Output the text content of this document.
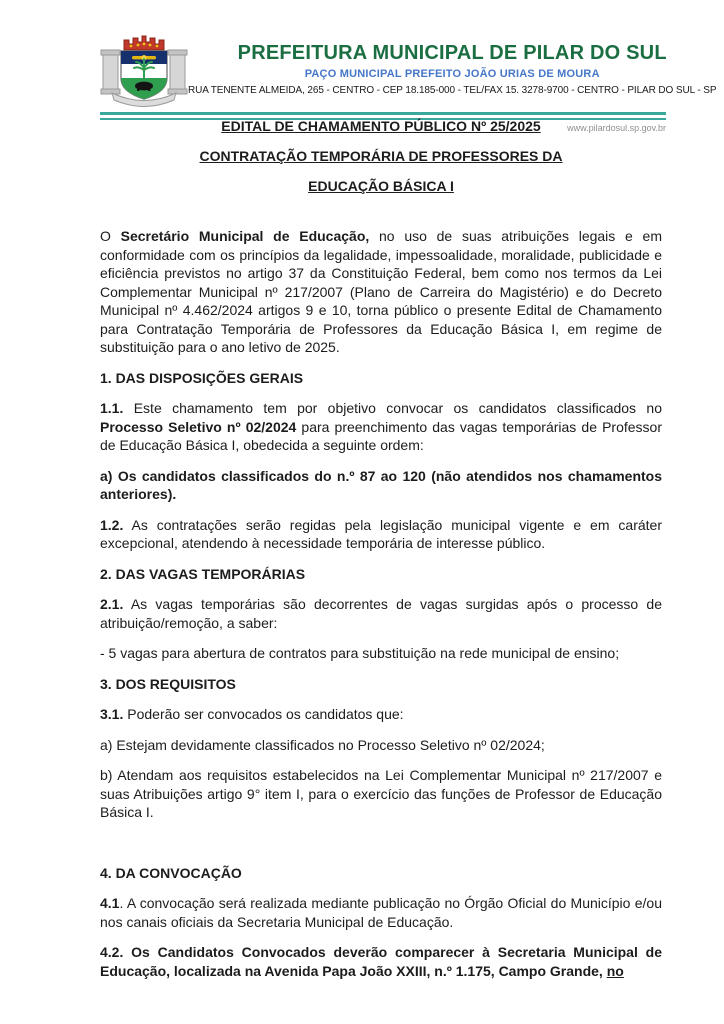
PREFEITURA MUNICIPAL DE PILAR DO SUL
PAÇO MUNICIPAL PREFEITO JOÃO URIAS DE MOURA
RUA TENENTE ALMEIDA, 265 - CENTRO - CEP 18.185-000 - TEL/FAX 15. 3278-9700 - CENTRO - PILAR DO SUL - SP
www.pilardosul.sp.gov.br
EDITAL DE CHAMAMENTO PÚBLICO Nº 25/2025
CONTRATAÇÃO TEMPORÁRIA DE PROFESSORES DA
EDUCAÇÃO BÁSICA I

O Secretário Municipal de Educação, no uso de suas atribuições legais e em conformidade com os princípios da legalidade, impessoalidade, moralidade, publicidade e eficiência previstos no artigo 37 da Constituição Federal, bem como nos termos da Lei Complementar Municipal nº 217/2007 (Plano de Carreira do Magistério) e do Decreto Municipal nº 4.462/2024 artigos 9 e 10, torna público o presente Edital de Chamamento para Contratação Temporária de Professores da Educação Básica I, em regime de substituição para o ano letivo de 2025.

1. DAS DISPOSIÇÕES GERAIS

1.1. Este chamamento tem por objetivo convocar os candidatos classificados no Processo Seletivo nº 02/2024 para preenchimento das vagas temporárias de Professor de Educação Básica I, obedecida a seguinte ordem:

a) Os candidatos classificados do n.º 87 ao 120 (não atendidos nos chamamentos anteriores).

1.2. As contratações serão regidas pela legislação municipal vigente e em caráter excepcional, atendendo à necessidade temporária de interesse público.

2. DAS VAGAS TEMPORÁRIAS

2.1. As vagas temporárias são decorrentes de vagas surgidas após o processo de atribuição/remoção, a saber:

- 5 vagas para abertura de contratos para substituição na rede municipal de ensino;

3. DOS REQUISITOS

3.1. Poderão ser convocados os candidatos que:

a) Estejam devidamente classificados no Processo Seletivo nº 02/2024;

b) Atendam aos requisitos estabelecidos na Lei Complementar Municipal nº 217/2007 e suas Atribuições artigo 9° item I, para o exercício das funções de Professor de Educação Básica I.

4. DA CONVOCAÇÃO

4.1. A convocação será realizada mediante publicação no Órgão Oficial do Município e/ou nos canais oficiais da Secretaria Municipal de Educação.

4.2. Os Candidatos Convocados deverão comparecer à Secretaria Municipal de Educação, localizada na Avenida Papa João XXIII, n.º 1.175, Campo Grande, no
